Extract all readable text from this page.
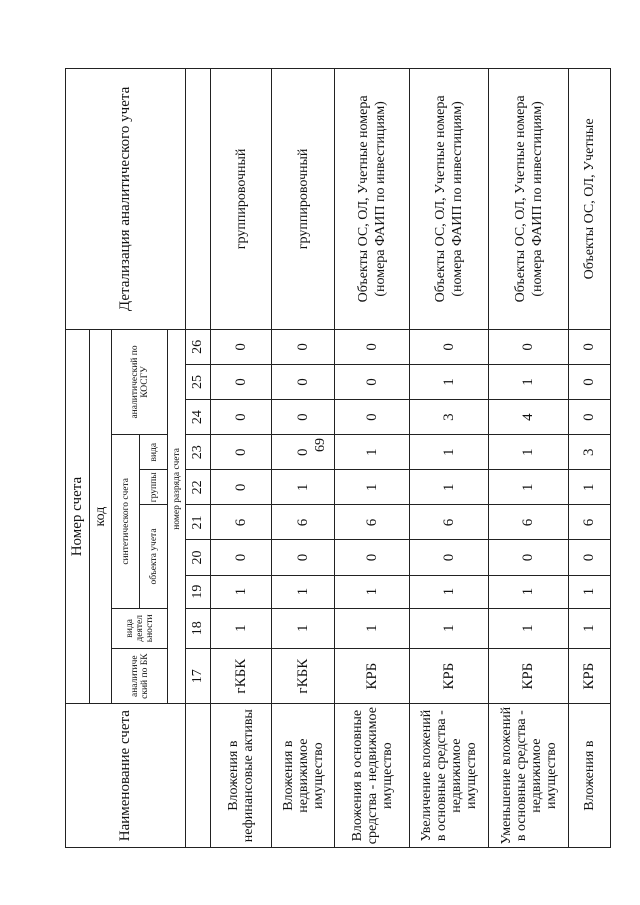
69
Наименование счета	Номер счета										Детализация аналитического учета
	код										
	аналитиче ский по БК	вида деятел ьности	синтетического счета					аналитический по КОСГУ			
			объекта учета			группы	вида				
		номер разряда счета									
	17	18	19	20	21	22	23	24	25	26	
Вложения в нефинансовые активы	гКБК	1	1	0	6	0	0	0	0	0	группировочный
Вложения в недвижимое имущество	гКБК	1	1	0	6	1	0	0	0	0	группировочный
Вложения в основные средства - недвижимое имущество	КРБ	1	1	0	6	1	1	0	0	0	Объекты ОС, ОЛ, Учетные номера (номера ФАИП по инвестициям)
Увеличение вложений в основные средства - недвижимое имущество	КРБ	1	1	0	6	1	1	3	1	0	Объекты ОС, ОЛ, Учетные номера (номера ФАИП по инвестициям)
Уменьшение вложений в основные средства - недвижимое имущество	КРБ	1	1	0	6	1	1	4	1	0	Объекты ОС, ОЛ, Учетные номера (номера ФАИП по инвестициям)
Вложения в	КРБ	1	1	0	6	1	3	0	0	0	Объекты ОС, ОЛ, Учетные
